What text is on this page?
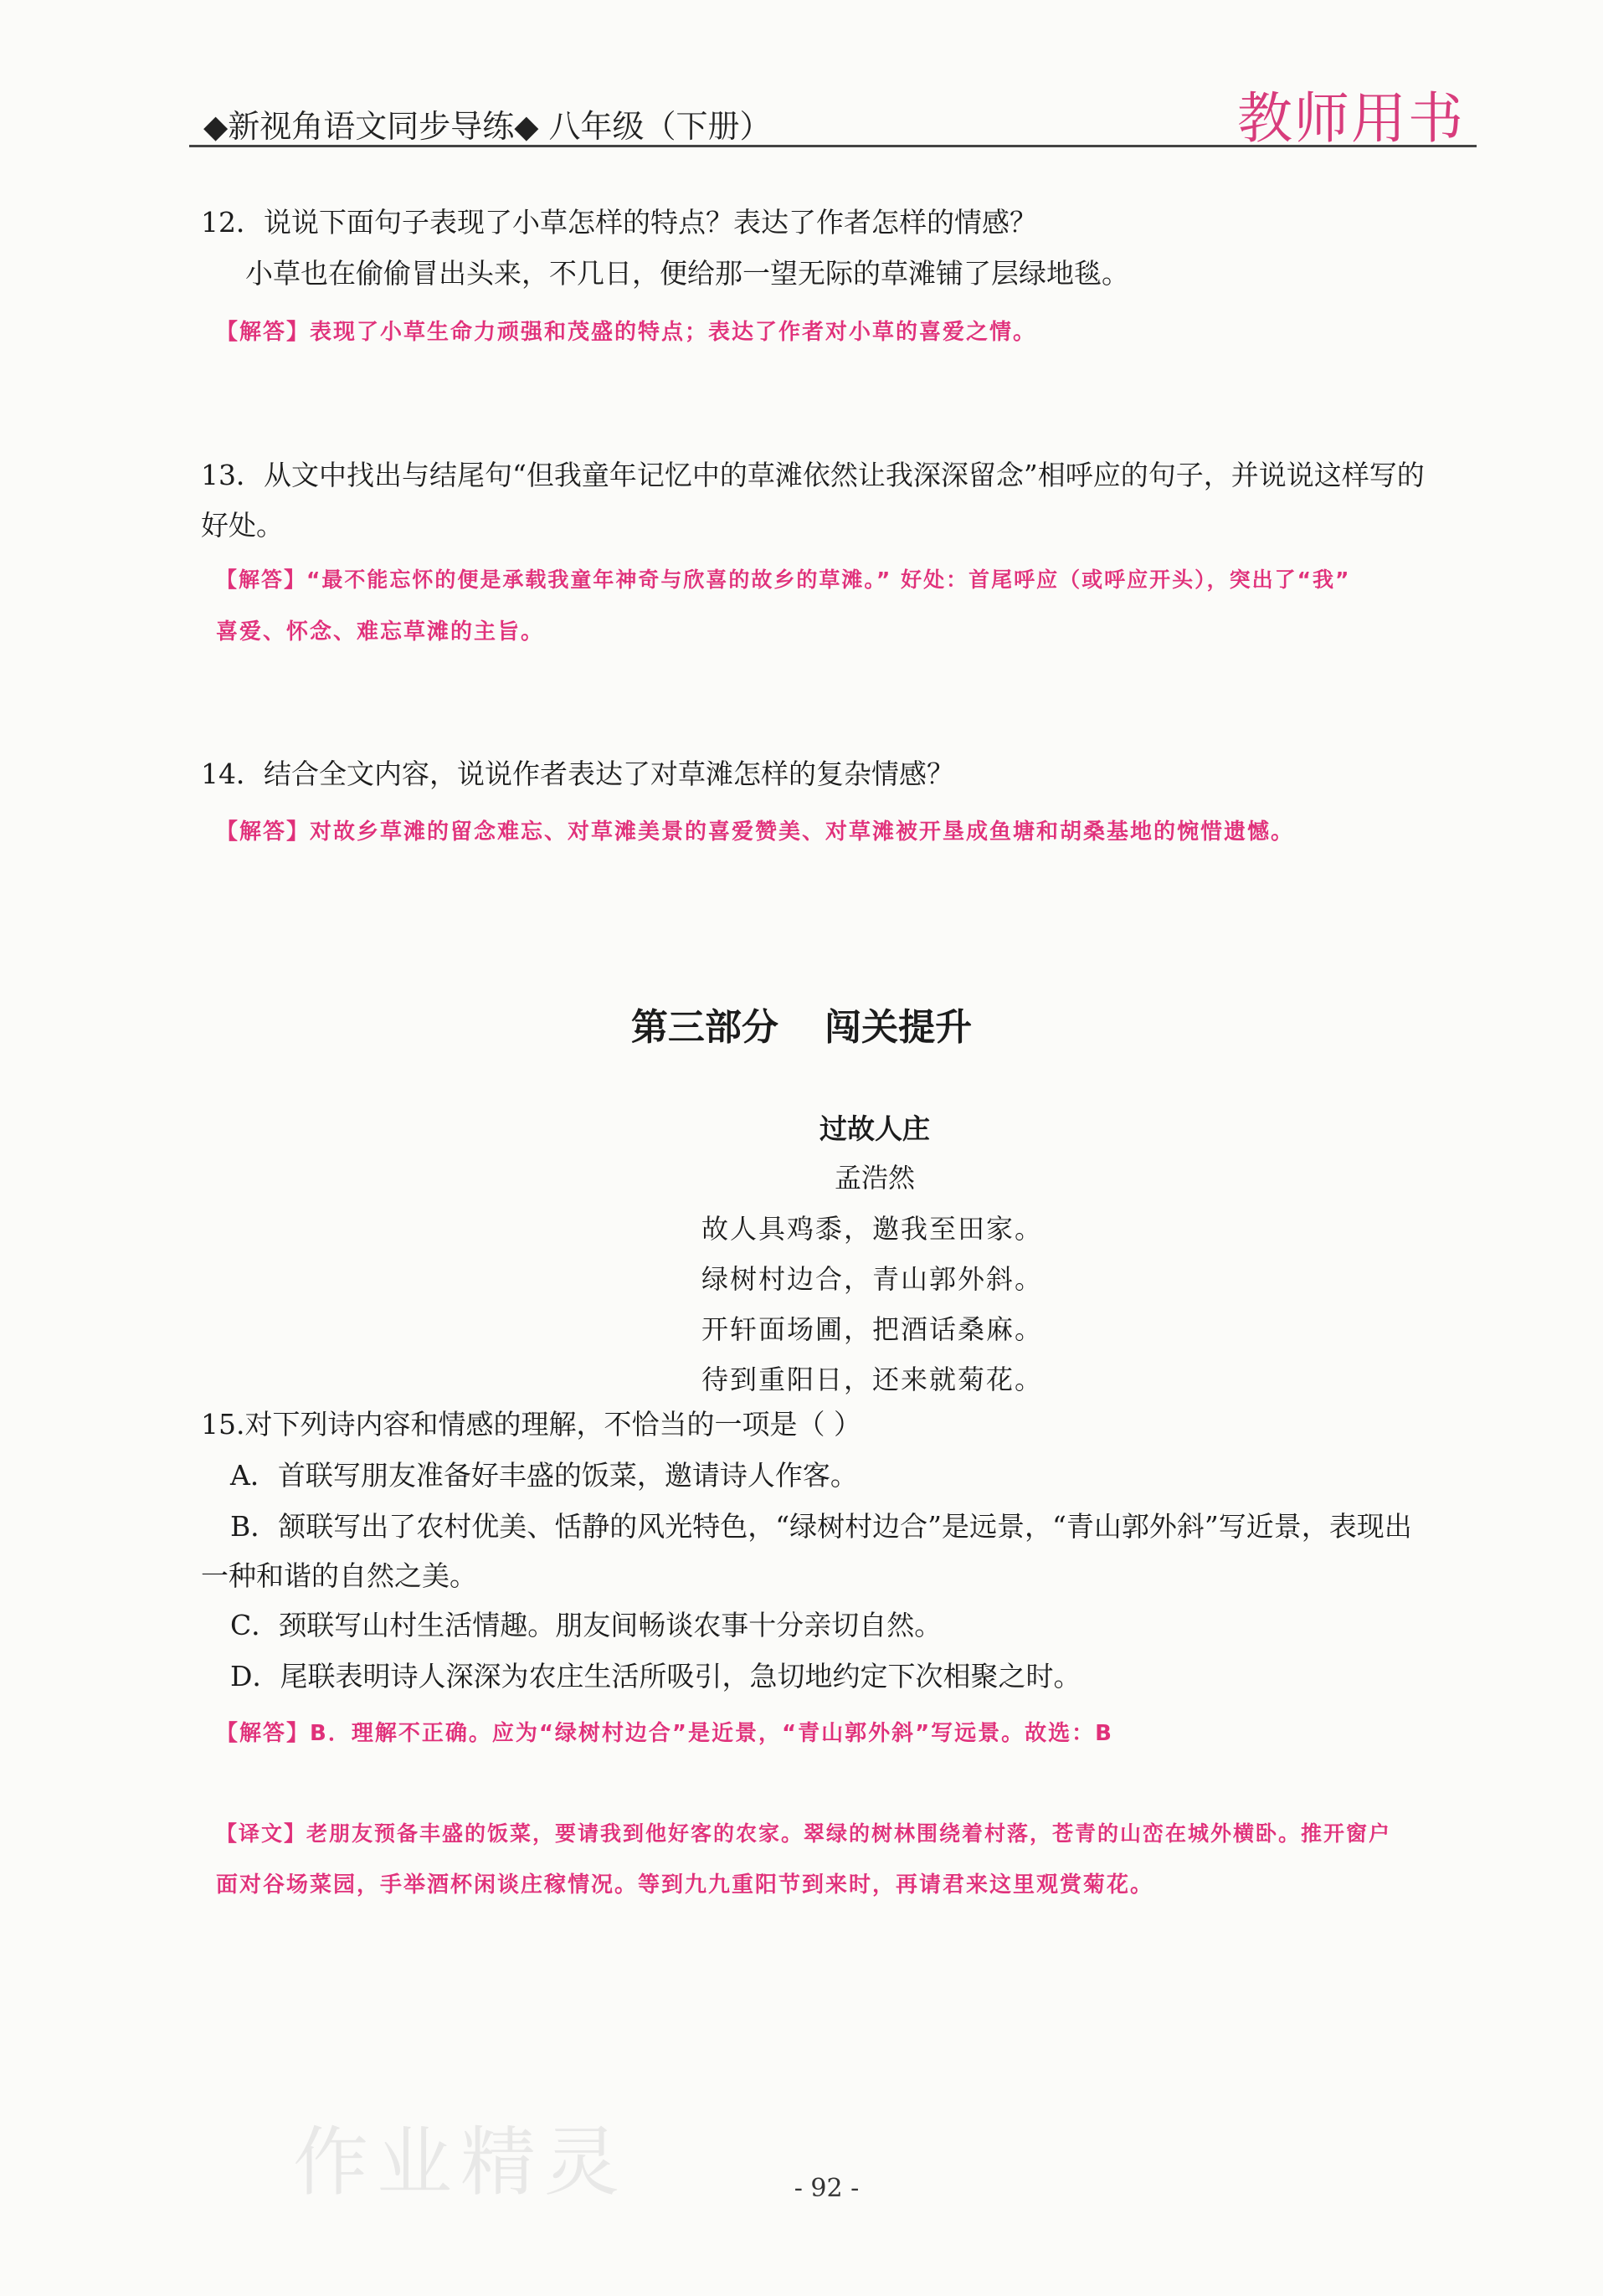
◆新视角语文同步导练◆ 八年级（下册）	教师用书
12．说说下面句子表现了小草怎样的特点？表达了作者怎样的情感？
小草也在偷偷冒出头来，不几日，便给那一望无际的草滩铺了层绿地毯。
【解答】表现了小草生命力顽强和茂盛的特点；表达了作者对小草的喜爱之情。
13．从文中找出与结尾句“但我童年记忆中的草滩依然让我深深留念”相呼应的句子，并说说这样写的
好处。
【解答】“最不能忘怀的便是承载我童年神奇与欣喜的故乡的草滩。” 好处：首尾呼应（或呼应开头），突出了“我”
喜爱、怀念、难忘草滩的主旨。
14．结合全文内容，说说作者表达了对草滩怎样的复杂情感？
【解答】对故乡草滩的留念难忘、对草滩美景的喜爱赞美、对草滩被开垦成鱼塘和胡桑基地的惋惜遗憾。
第三部分 闯关提升
过故人庄
孟浩然
故人具鸡黍，邀我至田家。
绿树村边合，青山郭外斜。
开轩面场圃，把酒话桑麻。
待到重阳日，还来就菊花。
15.对下列诗内容和情感的理解，不恰当的一项是（ ）
A．首联写朋友准备好丰盛的饭菜，邀请诗人作客。
B．颔联写出了农村优美、恬静的风光特色，“绿树村边合”是远景，“青山郭外斜”写近景，表现出
一种和谐的自然之美。
C．颈联写山村生活情趣。朋友间畅谈农事十分亲切自然。
D．尾联表明诗人深深为农庄生活所吸引，急切地约定下次相聚之时。
【解答】B．理解不正确。应为“绿树村边合”是近景，“青山郭外斜”写远景。故选：B
【译文】老朋友预备丰盛的饭菜，要请我到他好客的农家。翠绿的树林围绕着村落，苍青的山峦在城外横卧。推开窗户
面对谷场菜园，手举酒杯闲谈庄稼情况。等到九九重阳节到来时，再请君来这里观赏菊花。
作业精灵	- 92 -
